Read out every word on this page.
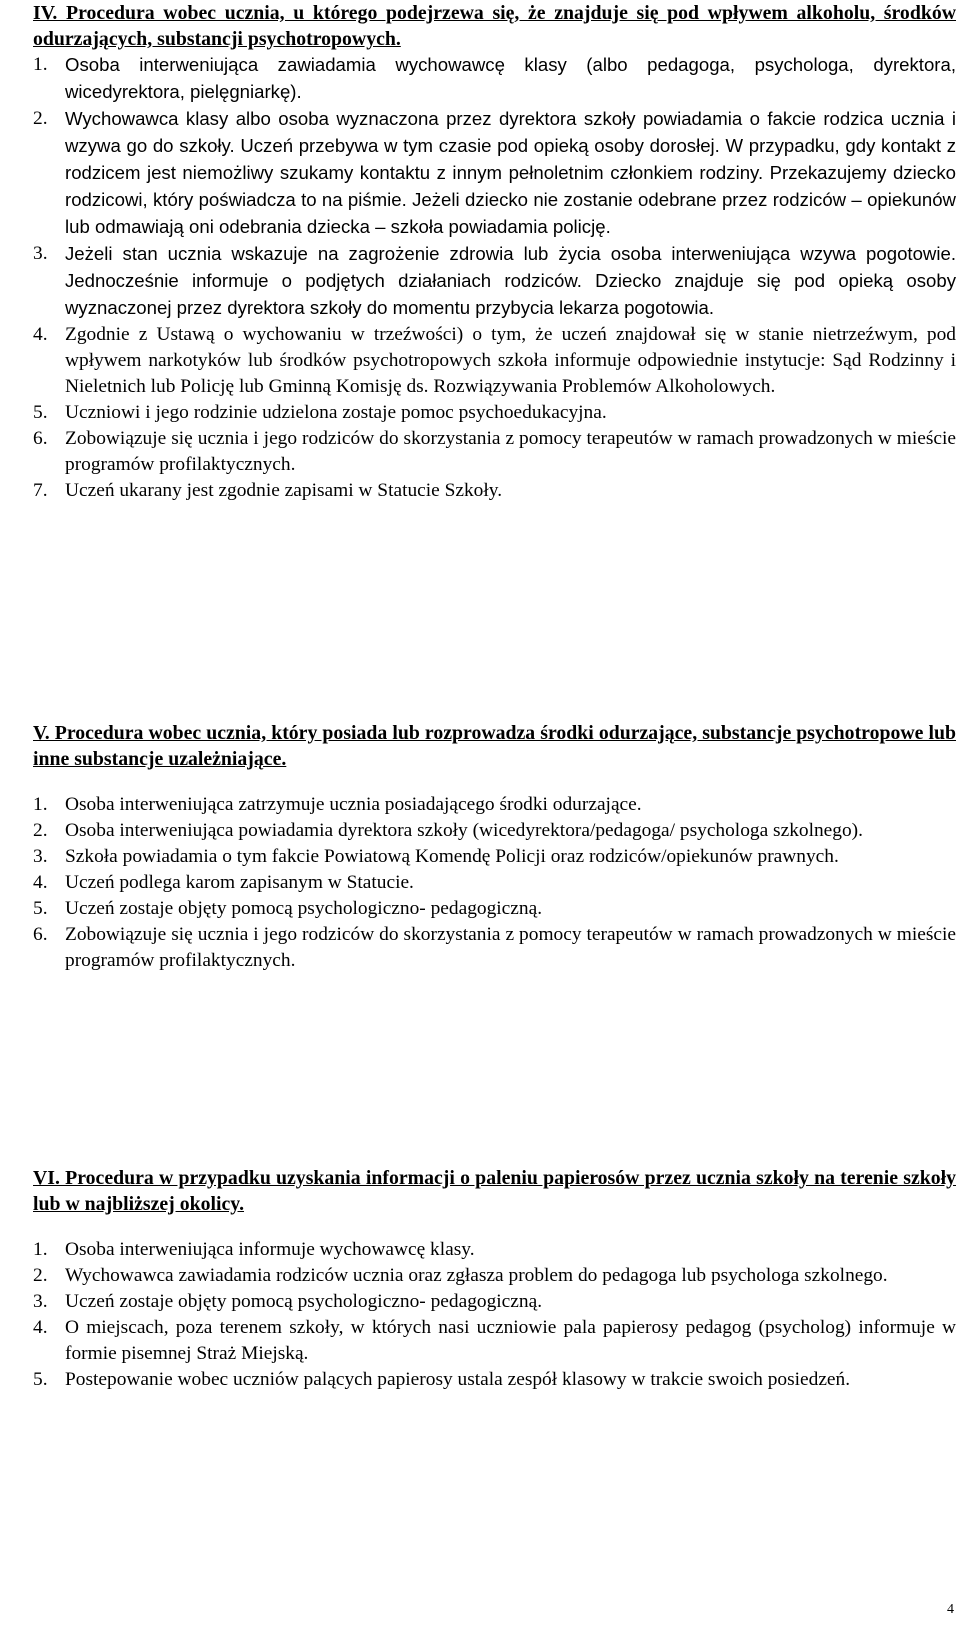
IV. Procedura wobec ucznia, u którego podejrzewa się, że znajduje się pod wpływem alkoholu, środków odurzających, substancji psychotropowych.
1. Osoba interweniująca zawiadamia wychowawcę klasy (albo pedagoga, psychologa, dyrektora, wicedyrektora, pielęgniarkę).
2. Wychowawca klasy albo osoba wyznaczona przez dyrektora szkoły powiadamia o fakcie rodzica ucznia i wzywa go do szkoły. Uczeń przebywa w tym czasie pod opieką osoby dorosłej. W przypadku, gdy kontakt z rodzicem jest niemożliwy szukamy kontaktu z innym pełnoletnim członkiem rodziny. Przekazujemy dziecko rodzicowi, który poświadcza to na piśmie. Jeżeli dziecko nie zostanie odebrane przez rodziców – opiekunów lub odmawiają oni odebrania dziecka – szkoła powiadamia policję.
3. Jeżeli stan ucznia wskazuje na zagrożenie zdrowia lub życia osoba interweniująca wzywa pogotowie. Jednocześnie informuje o podjętych działaniach rodziców. Dziecko znajduje się pod opieką osoby wyznaczonej przez dyrektora szkoły do momentu przybycia lekarza pogotowia.
4. Zgodnie z Ustawą o wychowaniu w trzeźwości) o tym, że uczeń znajdował się w stanie nietrzeźwym, pod wpływem narkotyków lub środków psychotropowych szkoła informuje odpowiednie instytucje: Sąd Rodzinny i Nieletnich lub Policję lub Gminną Komisję ds. Rozwiązywania Problemów Alkoholowych.
5. Uczniowi i jego rodzinie udzielona zostaje pomoc psychoedukacyjna.
6. Zobowiązuje się ucznia i jego rodziców do skorzystania z pomocy terapeutów w ramach prowadzonych w mieście programów profilaktycznych.
7. Uczeń ukarany jest zgodnie zapisami w Statucie Szkoły.
V. Procedura wobec ucznia, który posiada lub rozprowadza środki odurzające, substancje psychotropowe lub inne substancje uzależniające.
1. Osoba interweniująca zatrzymuje ucznia posiadającego środki odurzające.
2. Osoba interweniująca powiadamia dyrektora szkoły (wicedyrektora/pedagoga/ psychologa szkolnego).
3. Szkoła powiadamia o tym fakcie Powiatową Komendę Policji oraz rodziców/opiekunów prawnych.
4. Uczeń podlega karom zapisanym w Statucie.
5. Uczeń zostaje objęty pomocą psychologiczno- pedagogiczną.
6. Zobowiązuje się ucznia i jego rodziców do skorzystania z pomocy terapeutów w ramach prowadzonych w mieście programów profilaktycznych.
VI. Procedura w przypadku uzyskania informacji o paleniu papierosów przez ucznia szkoły na terenie szkoły lub w najbliższej okolicy.
1. Osoba interweniująca informuje wychowawcę klasy.
2. Wychowawca zawiadamia rodziców ucznia oraz zgłasza problem do pedagoga lub psychologa szkolnego.
3. Uczeń zostaje objęty pomocą psychologiczno- pedagogiczną.
4. O miejscach, poza terenem szkoły, w których nasi uczniowie pala papierosy pedagog (psycholog) informuje w formie pisemnej Straż Miejską.
5. Postepowanie wobec uczniów palących papierosy ustala zespół klasowy w trakcie swoich posiedzeń.
4
